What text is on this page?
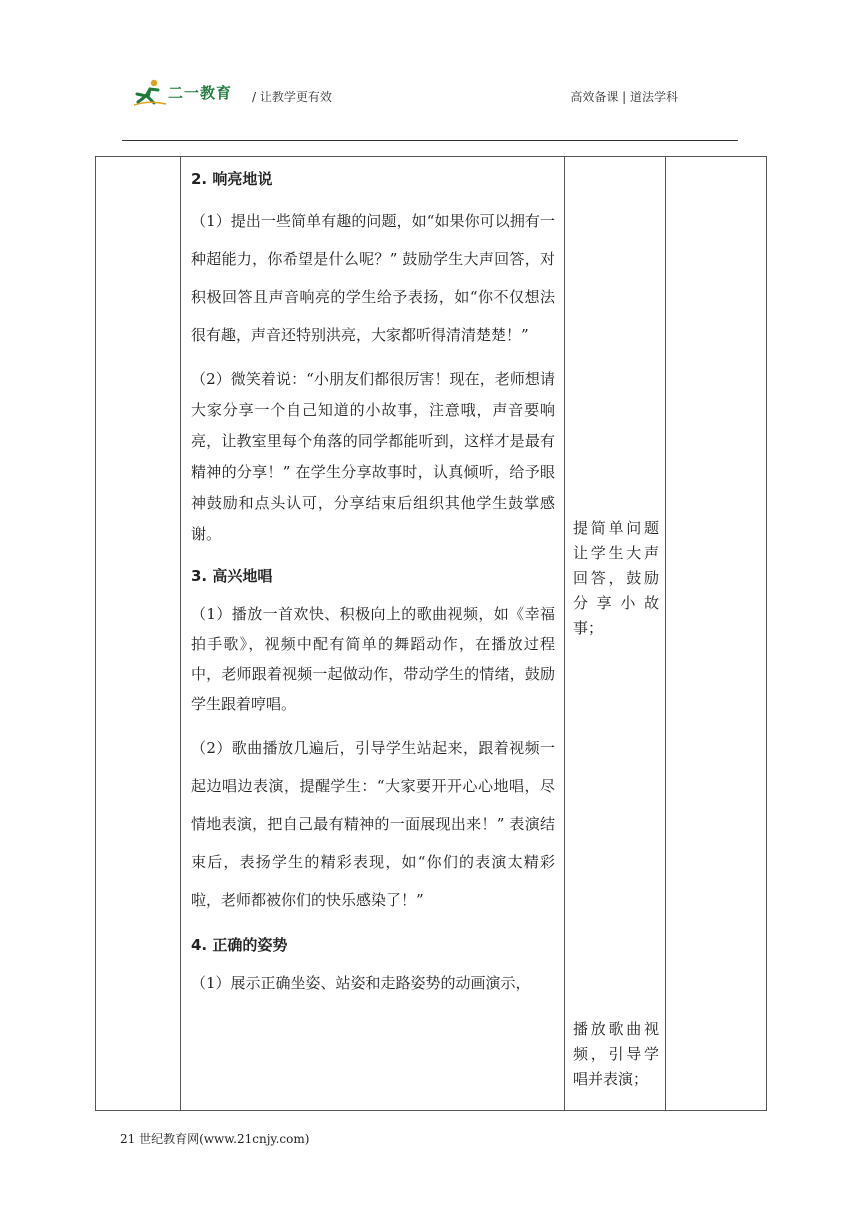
二一教育 / 让教学更有效	高效备课 | 道法学科

2. 响亮地说

（1）提出一些简单有趣的问题，如“如果你可以拥有一种超能力，你希望是什么呢？” 鼓励学生大声回答，对积极回答且声音响亮的学生给予表扬，如“你不仅想法很有趣，声音还特别洪亮，大家都听得清清楚楚！”

（2）微笑着说：“小朋友们都很厉害！现在，老师想请大家分享一个自己知道的小故事，注意哦，声音要响亮，让教室里每个角落的同学都能听到，这样才是最有精神的分享！” 在学生分享故事时，认真倾听，给予眼神鼓励和点头认可，分享结束后组织其他学生鼓掌感谢。

3. 高兴地唱

（1）播放一首欢快、积极向上的歌曲视频，如《幸福拍手歌》，视频中配有简单的舞蹈动作，在播放过程中，老师跟着视频一起做动作，带动学生的情绪，鼓励学生跟着哼唱。

（2）歌曲播放几遍后，引导学生站起来，跟着视频一起边唱边表演，提醒学生：“大家要开开心心地唱，尽情地表演，把自己最有精神的一面展现出来！” 表演结束后，表扬学生的精彩表现，如“你们的表演太精彩啦，老师都被你们的快乐感染了！”

4. 正确的姿势

（1）展示正确坐姿、站姿和走路姿势的动画演示，

提简单问题让学生大声回答，鼓励分享小故事；
播放歌曲视频，引导学唱并表演；

21 世纪教育网(www.21cnjy.com)
